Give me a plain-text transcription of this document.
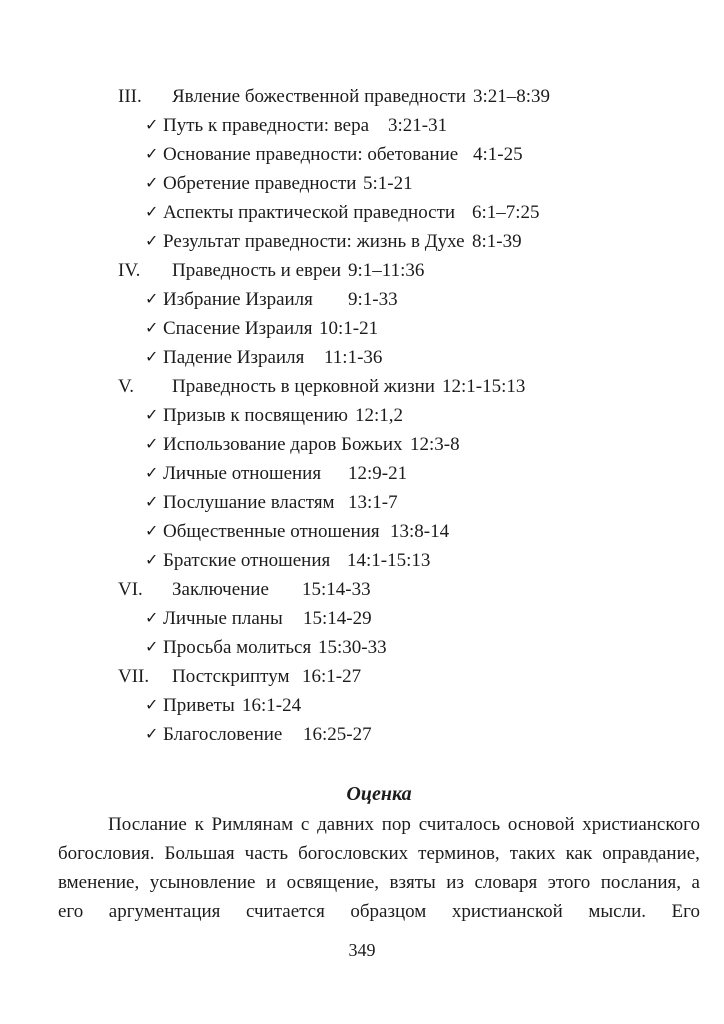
III. Явление божественной праведности 3:21–8:39
✓ Путь к праведности: вера 3:21-31
✓ Основание праведности: обетование 4:1-25
✓ Обретение праведности 5:1-21
✓ Аспекты практической праведности 6:1–7:25
✓ Результат праведности: жизнь в Духе 8:1-39
IV. Праведность и евреи 9:1–11:36
✓ Избрание Израиля 9:1-33
✓ Спасение Израиля 10:1-21
✓ Падение Израиля 11:1-36
V. Праведность в церковной жизни 12:1-15:13
✓ Призыв к посвящению 12:1,2
✓ Использование даров Божьих 12:3-8
✓ Личные отношения 12:9-21
✓ Послушание властям 13:1-7
✓ Общественные отношения 13:8-14
✓ Братские отношения 14:1-15:13
VI. Заключение 15:14-33
✓ Личные планы 15:14-29
✓ Просьба молиться 15:30-33
VII. Постскриптум 16:1-27
✓ Приветы 16:1-24
✓ Благословение 16:25-27
Оценка
Послание к Римлянам с давних пор считалось основой христианского
богословия. Большая часть богословских терминов, таких как оправдание,
вменение, усыновление и освящение, взяты из словаря этого послания, а
его аргументация считается образцом христианской мысли. Его
349
